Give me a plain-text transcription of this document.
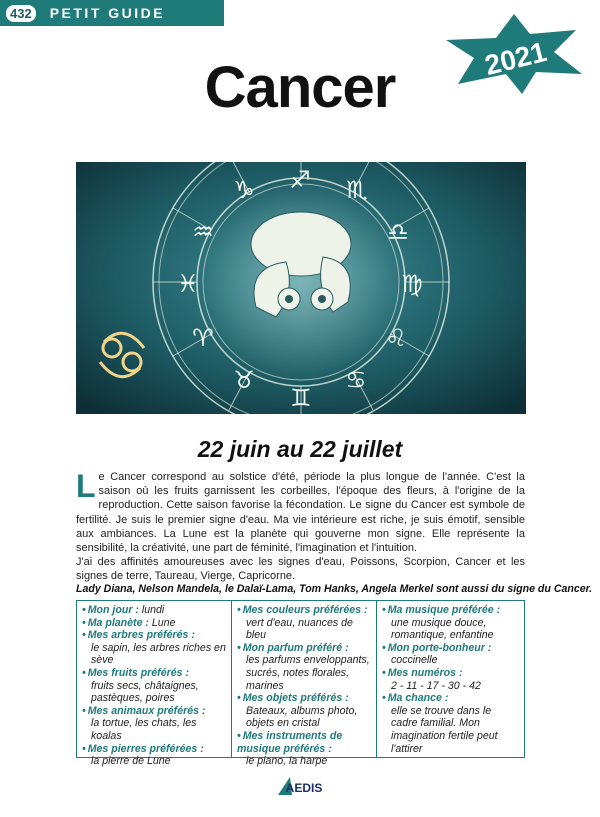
432 PETIT GUIDE
2021
Cancer
♐ ♏
♎
♍
♌
♋
♊
♉
♈
♓
♒
♑
22 juin au 22 juillet

Le Cancer correspond au solstice d'été, période la plus longue de l'année. C'est la saison où les fruits garnissent les corbeilles, l'époque des fleurs, à l'origine de la reproduction. Cette saison favorise la fécondation. Le signe du Cancer est symbole de fertilité. Je suis le premier signe d'eau. Ma vie intérieure est riche, je suis émotif, sensible aux ambiances. La Lune est la planète qui gouverne mon signe. Elle représente la sensibilité, la créativité, une part de féminité, l'imagination et l'intuition.

J'ai des affinités amoureuses avec les signes d'eau, Poissons, Scorpion, Cancer et les signes de terre, Taureau, Vierge, Capricorne.

Lady Diana, Nelson Mandela, le Dalaï-Lama, Tom Hanks, Angela Merkel sont aussi du signe du Cancer.
• Mon jour : lundi
• Ma planète : Lune
• Mes arbres préférés :
le sapin, les arbres riches en sève
• Mes fruits préférés :
fruits secs, châtaignes, pastèques, poires
• Mes animaux préférés :
la tortue, les chats, les koalas
• Mes pierres préférées :
la pierre de Lune
• Mes couleurs préférées :
vert d'eau, nuances de bleu
• Mon parfum préféré :
les parfums enveloppants, sucrés, notes florales, marines
• Mes objets préférés :
Bateaux, albums photo, objets en cristal
• Mes instruments de musique préférés :
le piano, la harpe
• Ma musique préférée :
une musique douce, romantique, enfantine
• Mon porte-bonheur :
coccinelle
• Mes numéros :
2 - 11 - 17 - 30 - 42
• Ma chance :
elle se trouve dans le cadre familial. Mon imagination fertile peut l'attirer
AEDIS
